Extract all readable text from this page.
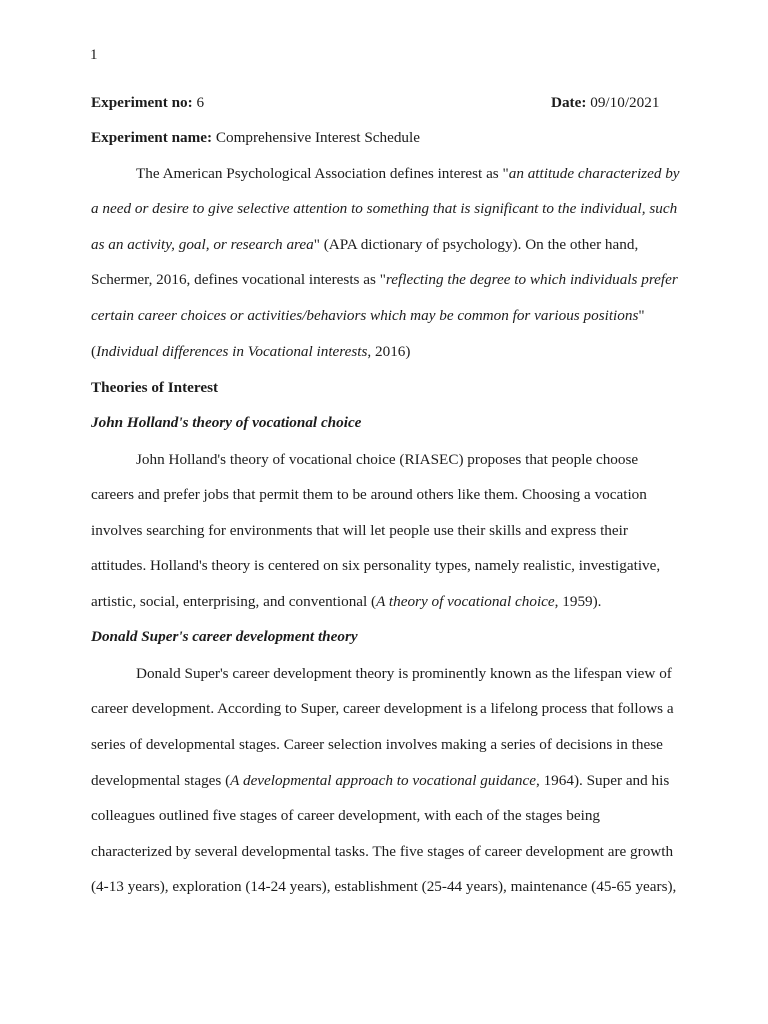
1
Experiment no: 6	Date: 09/10/2021
Experiment name: Comprehensive Interest Schedule
The American Psychological Association defines interest as "an attitude characterized by
a need or desire to give selective attention to something that is significant to the individual, such
as an activity, goal, or research area" (APA dictionary of psychology). On the other hand,
Schermer, 2016, defines vocational interests as "reflecting the degree to which individuals prefer
certain career choices or activities/behaviors which may be common for various positions"
(Individual differences in Vocational interests, 2016)
Theories of Interest
John Holland's theory of vocational choice
John Holland's theory of vocational choice (RIASEC) proposes that people choose
careers and prefer jobs that permit them to be around others like them. Choosing a vocation
involves searching for environments that will let people use their skills and express their
attitudes. Holland's theory is centered on six personality types, namely realistic, investigative,
artistic, social, enterprising, and conventional (A theory of vocational choice, 1959).
Donald Super's career development theory
Donald Super's career development theory is prominently known as the lifespan view of
career development. According to Super, career development is a lifelong process that follows a
series of developmental stages. Career selection involves making a series of decisions in these
developmental stages (A developmental approach to vocational guidance, 1964). Super and his
colleagues outlined five stages of career development, with each of the stages being
characterized by several developmental tasks. The five stages of career development are growth
(4-13 years), exploration (14-24 years), establishment (25-44 years), maintenance (45-65 years),
